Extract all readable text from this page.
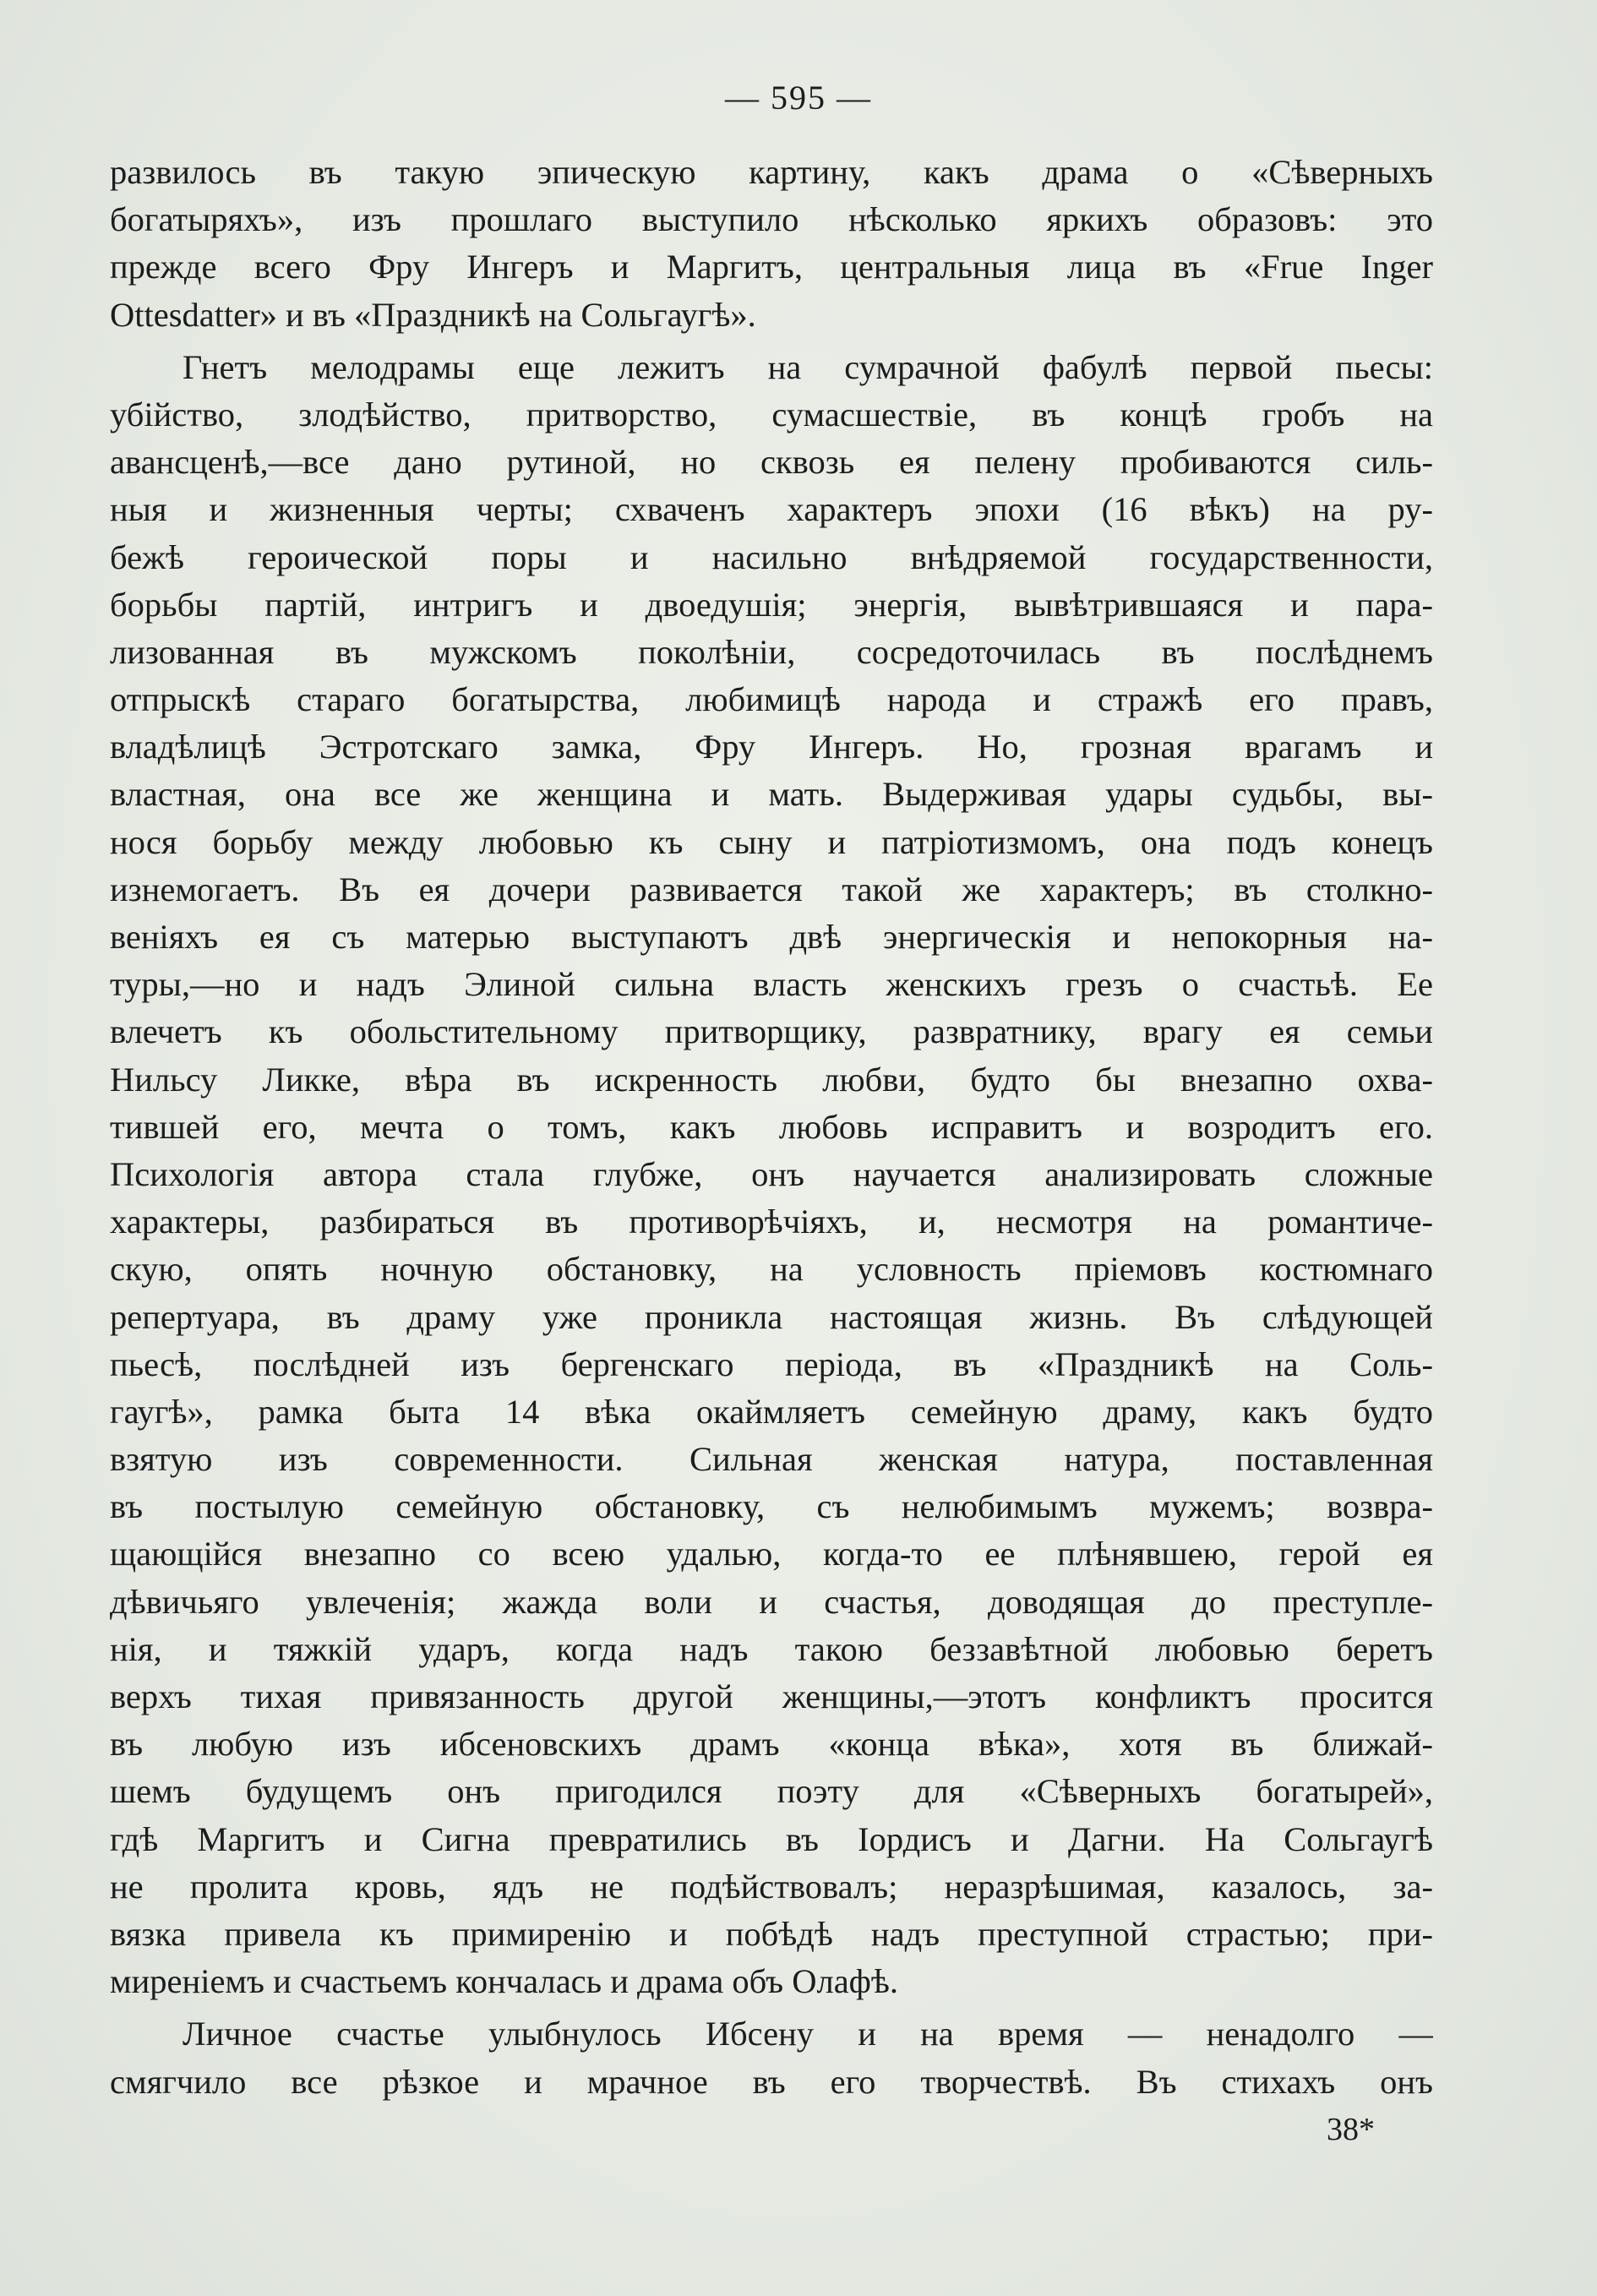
— 595 —
развилось въ такую эпическую картину, какъ драма о «Сѣверныхъ
богатыряхъ», изъ прошлаго выступило нѣсколько яркихъ образовъ: это
прежде всего Фру Ингеръ и Маргитъ, центральныя лица въ «Frue Inger
Ottesdatter» и въ «Праздникѣ на Сольгаугѣ».
Гнетъ мелодрамы еще лежитъ на сумрачной фабулѣ первой пьесы:
убійство, злодѣйство, притворство, сумасшествіе, въ концѣ гробъ на
авансценѣ,—все дано рутиной, но сквозь ея пелену пробиваются силь-
ныя и жизненныя черты; схваченъ характеръ эпохи (16 вѣкъ) на ру-
бежѣ героической поры и насильно внѣдряемой государственности,
борьбы партій, интригъ и двоедушія; энергія, вывѣтрившаяся и пара-
лизованная въ мужскомъ поколѣніи, сосредоточилась въ послѣднемъ
отпрыскѣ стараго богатырства, любимицѣ народа и стражѣ его правъ,
владѣлицѣ Эстротскаго замка, Фру Ингеръ. Но, грозная врагамъ и
властная, она все же женщина и мать. Выдерживая удары судьбы, вы-
нося борьбу между любовью къ сыну и патріотизмомъ, она подъ конецъ
изнемогаетъ. Въ ея дочери развивается такой же характеръ; въ столкно-
веніяхъ ея съ матерью выступаютъ двѣ энергическія и непокорныя на-
туры,—но и надъ Элиной сильна власть женскихъ грезъ о счастьѣ. Ее
влечетъ къ обольстительному притворщику, развратнику, врагу ея семьи
Нильсу Ликке, вѣра въ искренность любви, будто бы внезапно охва-
тившей его, мечта о томъ, какъ любовь исправитъ и возродитъ его.
Психологія автора стала глубже, онъ научается анализировать сложные
характеры, разбираться въ противорѣчіяхъ, и, несмотря на романтиче-
скую, опять ночную обстановку, на условность пріемовъ костюмнаго
репертуара, въ драму уже проникла настоящая жизнь. Въ слѣдующей
пьесѣ, послѣдней изъ бергенскаго періода, въ «Праздникѣ на Соль-
гаугѣ», рамка быта 14 вѣка окаймляетъ семейную драму, какъ будто
взятую изъ современности. Сильная женская натура, поставленная
въ постылую семейную обстановку, съ нелюбимымъ мужемъ; возвра-
щающійся внезапно со всею удалью, когда-то ее плѣнявшею, герой ея
дѣвичьяго увлеченія; жажда воли и счастья, доводящая до преступле-
нія, и тяжкій ударъ, когда надъ такою беззавѣтной любовью беретъ
верхъ тихая привязанность другой женщины,—этотъ конфликтъ просится
въ любую изъ ибсеновскихъ драмъ «конца вѣка», хотя въ ближай-
шемъ будущемъ онъ пригодился поэту для «Сѣверныхъ богатырей»,
гдѣ Маргитъ и Сигна превратились въ Іордисъ и Дагни. На Сольгаугѣ
не пролита кровь, ядъ не подѣйствовалъ; неразрѣшимая, казалось, за-
вязка привела къ примиренію и побѣдѣ надъ преступной страстью; при-
миреніемъ и счастьемъ кончалась и драма объ Олафѣ.
Личное счастье улыбнулось Ибсену и на время — ненадолго —
смягчило все рѣзкое и мрачное въ его творчествѣ. Въ стихахъ онъ
38*
